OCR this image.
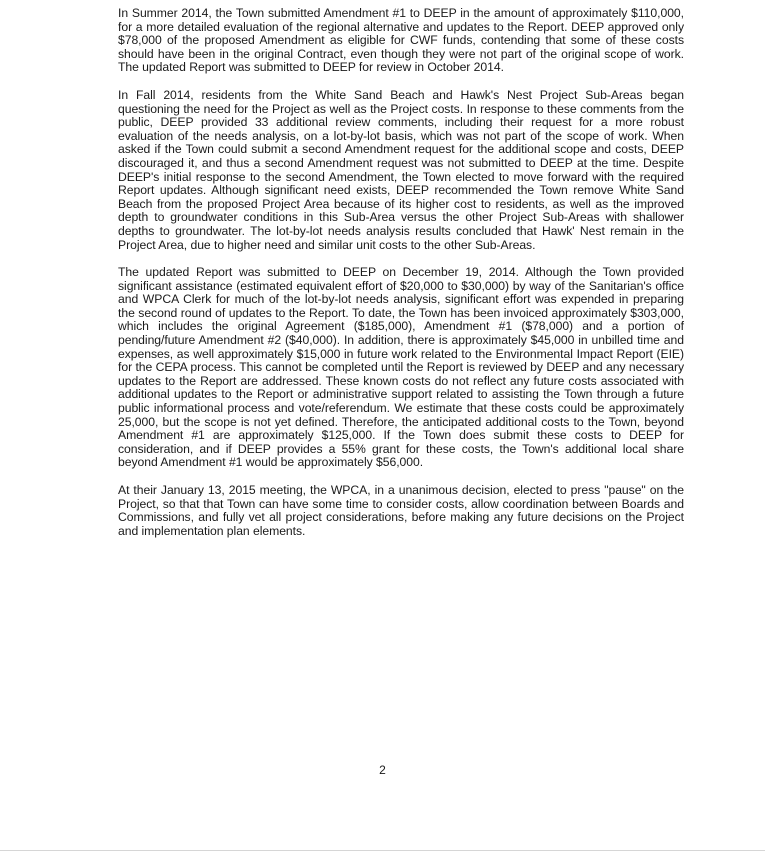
In Summer 2014, the Town submitted Amendment #1 to DEEP in the amount of approximately $110,000, for a more detailed evaluation of the regional alternative and updates to the Report. DEEP approved only $78,000 of the proposed Amendment as eligible for CWF funds, contending that some of these costs should have been in the original Contract, even though they were not part of the original scope of work. The updated Report was submitted to DEEP for review in October 2014.

In Fall 2014, residents from the White Sand Beach and Hawk's Nest Project Sub-Areas began questioning the need for the Project as well as the Project costs. In response to these comments from the public, DEEP provided 33 additional review comments, including their request for a more robust evaluation of the needs analysis, on a lot-by-lot basis, which was not part of the scope of work. When asked if the Town could submit a second Amendment request for the additional scope and costs, DEEP discouraged it, and thus a second Amendment request was not submitted to DEEP at the time. Despite DEEP's initial response to the second Amendment, the Town elected to move forward with the required Report updates. Although significant need exists, DEEP recommended the Town remove White Sand Beach from the proposed Project Area because of its higher cost to residents, as well as the improved depth to groundwater conditions in this Sub-Area versus the other Project Sub-Areas with shallower depths to groundwater. The lot-by-lot needs analysis results concluded that Hawk' Nest remain in the Project Area, due to higher need and similar unit costs to the other Sub-Areas.

The updated Report was submitted to DEEP on December 19, 2014. Although the Town provided significant assistance (estimated equivalent effort of $20,000 to $30,000) by way of the Sanitarian's office and WPCA Clerk for much of the lot-by-lot needs analysis, significant effort was expended in preparing the second round of updates to the Report. To date, the Town has been invoiced approximately $303,000, which includes the original Agreement ($185,000), Amendment #1 ($78,000) and a portion of pending/future Amendment #2 ($40,000). In addition, there is approximately $45,000 in unbilled time and expenses, as well approximately $15,000 in future work related to the Environmental Impact Report (EIE) for the CEPA process. This cannot be completed until the Report is reviewed by DEEP and any necessary updates to the Report are addressed. These known costs do not reflect any future costs associated with additional updates to the Report or administrative support related to assisting the Town through a future public informational process and vote/referendum. We estimate that these costs could be approximately 25,000, but the scope is not yet defined. Therefore, the anticipated additional costs to the Town, beyond Amendment #1 are approximately $125,000. If the Town does submit these costs to DEEP for consideration, and if DEEP provides a 55% grant for these costs, the Town's additional local share beyond Amendment #1 would be approximately $56,000.

At their January 13, 2015 meeting, the WPCA, in a unanimous decision, elected to press "pause" on the Project, so that that Town can have some time to consider costs, allow coordination between Boards and Commissions, and fully vet all project considerations, before making any future decisions on the Project and implementation plan elements.

2
